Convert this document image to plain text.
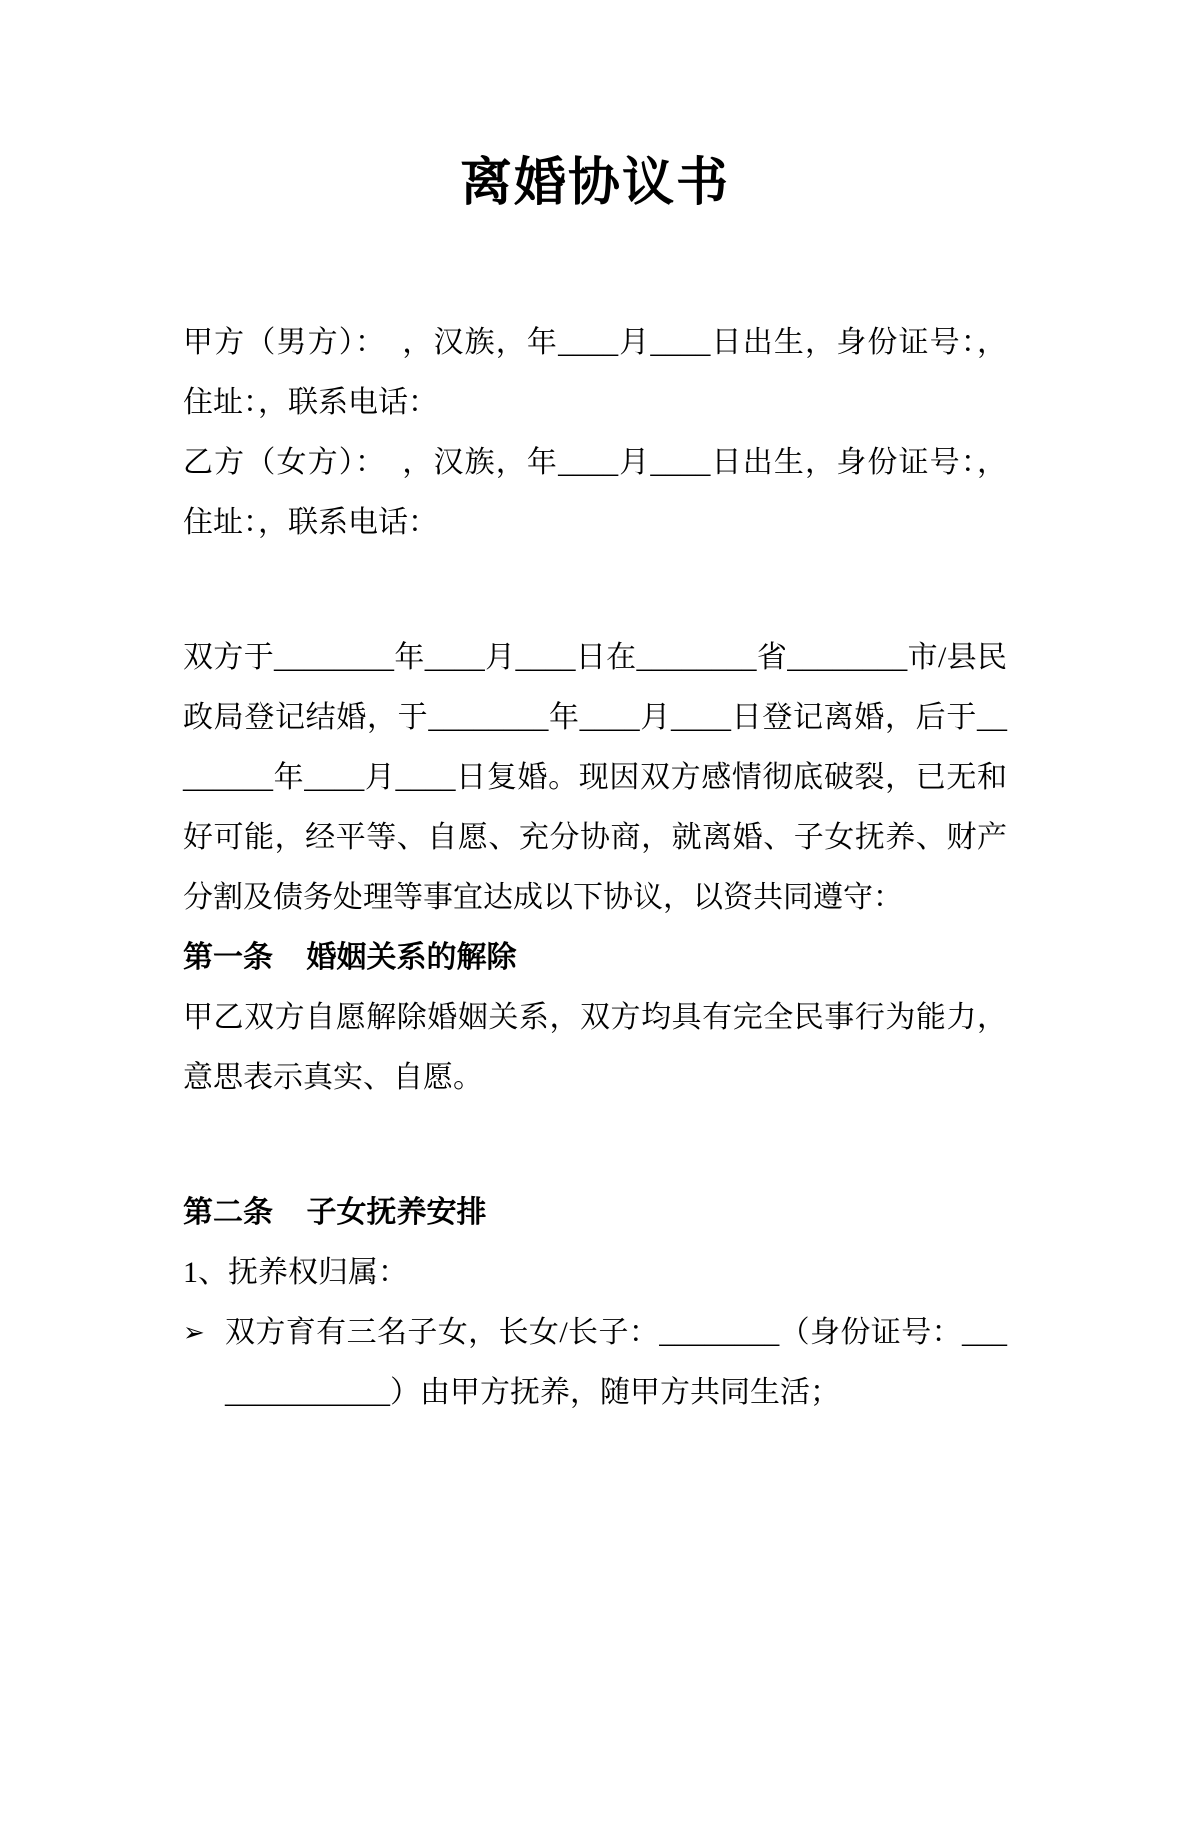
离婚协议书

甲方（男方）：　，汉族，年____月____日出生，身份证号：，住址：，联系电话：

乙方（女方）：　，汉族，年____月____日出生，身份证号：，住址：，联系电话：

双方于________年____月____日在________省________市/县民政局登记结婚，于________年____月____日登记离婚，后于________年____月____日复婚。现因双方感情彻底破裂，已无和好可能，经平等、自愿、充分协商，就离婚、子女抚养、财产分割及债务处理等事宜达成以下协议，以资共同遵守：

第一条 婚姻关系的解除

甲乙双方自愿解除婚姻关系，双方均具有完全民事行为能力，意思表示真实、自愿。

第二条 子女抚养安排

1、抚养权归属：

➢ 双方育有三名子女，长女/长子：________（身份证号：______________）由甲方抚养，随甲方共同生活；
